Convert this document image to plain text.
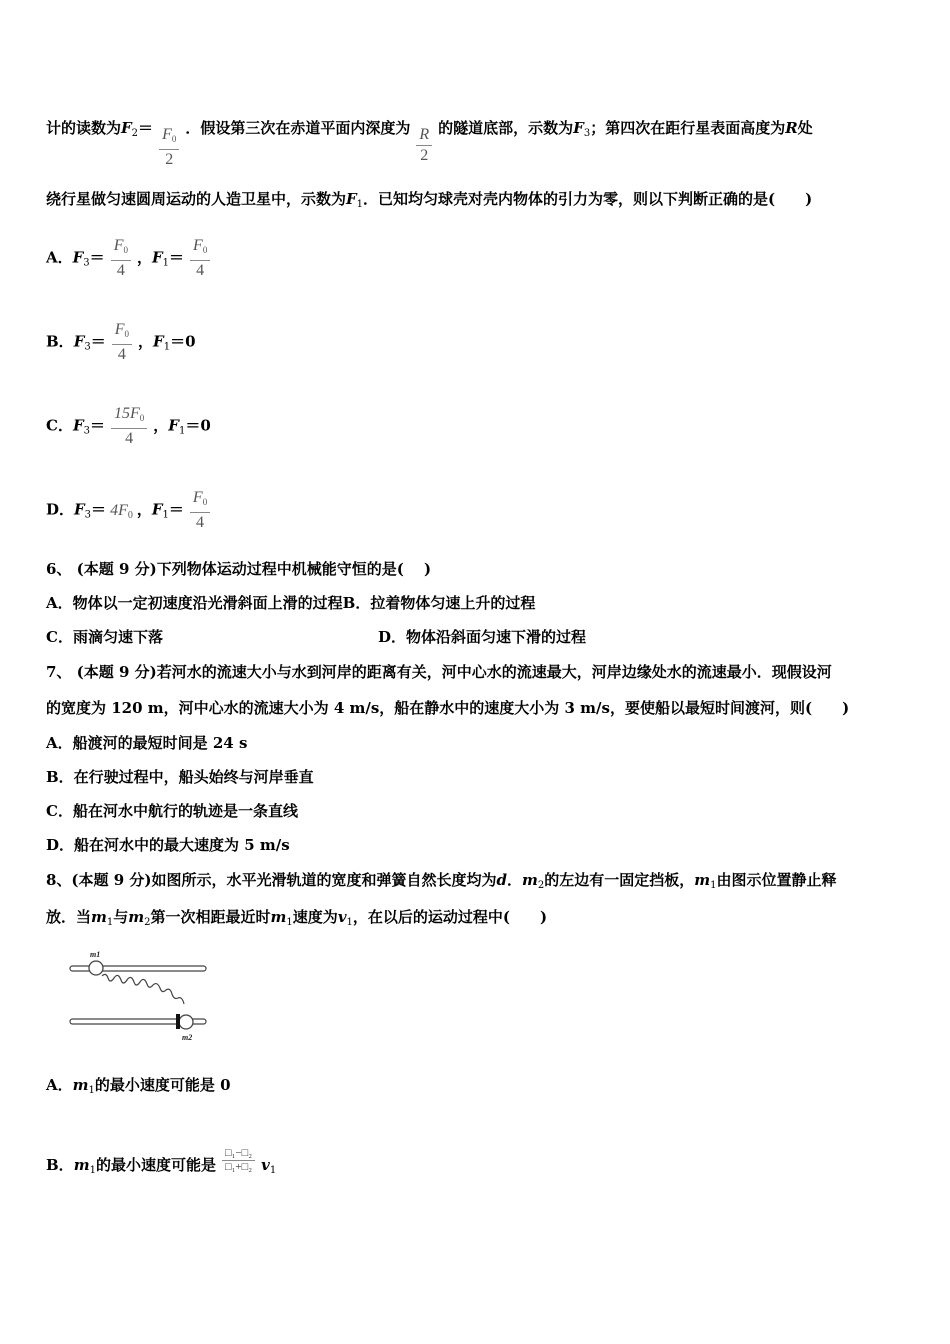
计的读数为$F_2= \frac{F_0}{2}$ ．假设第三次在赤道平面内深度为 $\frac{R}{2}$ 的隧道底部，示数为$F_3$；第四次在距行星表面高度为R处
绕行星做匀速圆周运动的人造卫星中，示数为$F_1$．已知均匀球壳对壳内物体的引力为零，则以下判断正确的是(　　)
A．$F_3= \frac{F_0}{4}$ ，$F_1= \frac{F_0}{4}$
B．$F_3= \frac{F_0}{4}$ ，$F_1=0$
C．$F_3= \frac{15F_0}{4}$ ，$F_1=0$
D．$F_3= 4F_0$ ，$F_1= \frac{F_0}{4}$
6、 (本题 9 分)下列物体运动过程中机械能守恒的是(　 )
A．物体以一定初速度沿光滑斜面上滑的过程B．拉着物体匀速上升的过程
C．雨滴匀速下落	D．物体沿斜面匀速下滑的过程
7、 (本题 9 分)若河水的流速大小与水到河岸的距离有关，河中心水的流速最大，河岸边缘处水的流速最小．现假设河
的宽度为 120 m，河中心水的流速大小为 4 m/s，船在静水中的速度大小为 3 m/s，要使船以最短时间渡河，则(　　)
A．船渡河的最短时间是 24 s
B．在行驶过程中，船头始终与河岸垂直
C．船在河水中航行的轨迹是一条直线
D．船在河水中的最大速度为 5 m/s
8、(本题 9 分)如图所示，水平光滑轨道的宽度和弹簧自然长度均为d．$m_2$的左边有一固定挡板，$m_1$由图示位置静止释
放．当$m_1$与$m_2$第一次相距最近时$m_1$速度为$v_1$，在以后的运动过程中(　　)
m1
m2
A．$m_1$的最小速度可能是 0
B．$m_1$的最小速度可能是 $\frac{\text{□₁−□₂}}{\text{□₁+□₂}} v_1$
